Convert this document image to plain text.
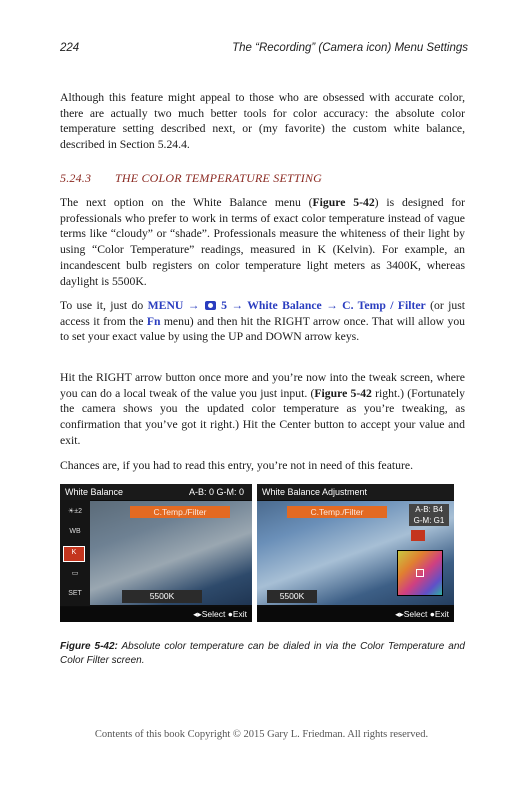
224	The “Recording” (Camera icon) Menu Settings

Although this feature might appeal to those who are obsessed with accurate color, there are actually two much better tools for color accuracy: the absolute color temperature setting described next, or (my favorite) the custom white balance, described in Section 5.24.4.

5.24.3 THE COLOR TEMPERATURE SETTING

The next option on the White Balance menu (Figure 5-42) is designed for professionals who prefer to work in terms of exact color temperature instead of vague terms like “cloudy” or “shade”. Professionals measure the whiteness of their light by using “Color Temperature” readings, measured in K (Kelvin). For example, an incandescent bulb registers on color temperature light meters as 3400K, whereas daylight is 5500K.

To use it, just do MENU →  5 → White Balance → C. Temp / Filter (or just access it from the Fn menu) and then hit the RIGHT arrow once. That will allow you to set your exact value by using the UP and DOWN arrow keys.

Hit the RIGHT arrow button once more and you’re now into the tweak screen, where you can do a local tweak of the value you just input. (Figure 5-42 right.) (Fortunately the camera shows you the updated color temperature as you’re tweaking, as confirmation that you’ve got it right.) Hit the Center button to accept your value and exit.

Chances are, if you had to read this entry, you’re not in need of this feature.

White Balance	A-B: 0 G-M: 0
☀±2
WB
K
▭
SET
C.Temp./Filter
5500K
◂▸Select ●Exit
White Balance Adjustment
C.Temp./Filter	A-B: B4
G-M: G1
5500K
◂▸Select ●Exit

Figure 5-42: Absolute color temperature can be dialed in via the Color Temperature and Color Filter screen.

Contents of this book Copyright © 2015 Gary L. Friedman. All rights reserved.
